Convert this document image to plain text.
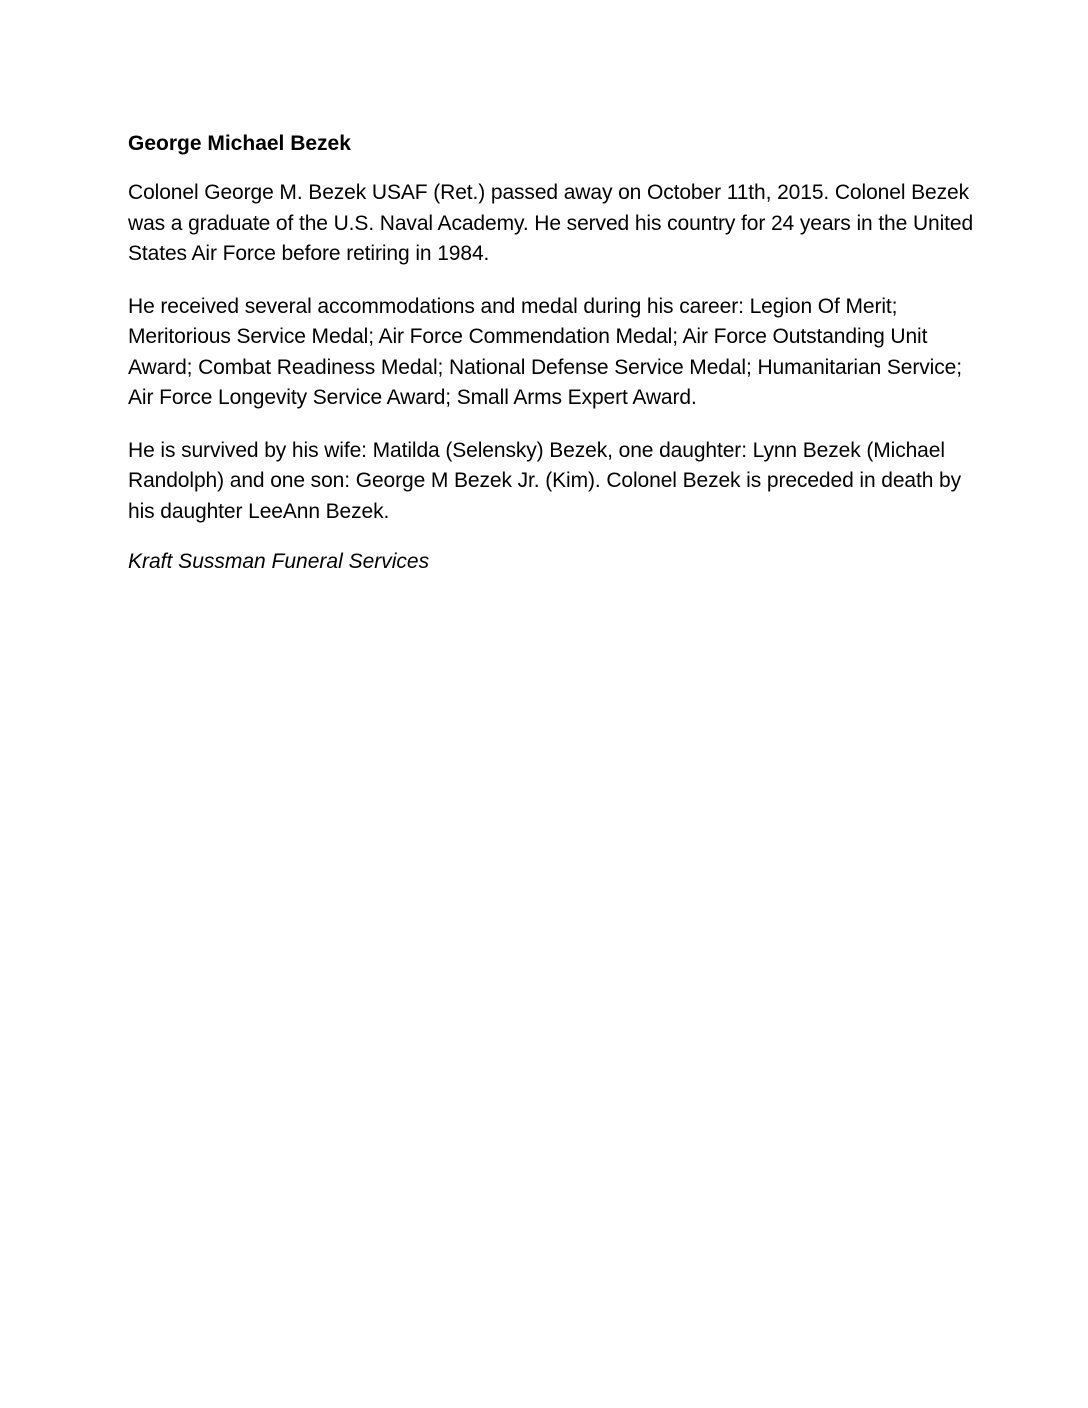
George Michael Bezek

Colonel George M. Bezek USAF (Ret.) passed away on October 11th, 2015. Colonel Bezek was a graduate of the U.S. Naval Academy. He served his country for 24 years in the United States Air Force before retiring in 1984.

He received several accommodations and medal during his career: Legion Of Merit; Meritorious Service Medal; Air Force Commendation Medal; Air Force Outstanding Unit Award; Combat Readiness Medal; National Defense Service Medal; Humanitarian Service; Air Force Longevity Service Award; Small Arms Expert Award.

He is survived by his wife: Matilda (Selensky) Bezek, one daughter: Lynn Bezek (Michael Randolph) and one son: George M Bezek Jr. (Kim). Colonel Bezek is preceded in death by his daughter LeeAnn Bezek.

Kraft Sussman Funeral Services
